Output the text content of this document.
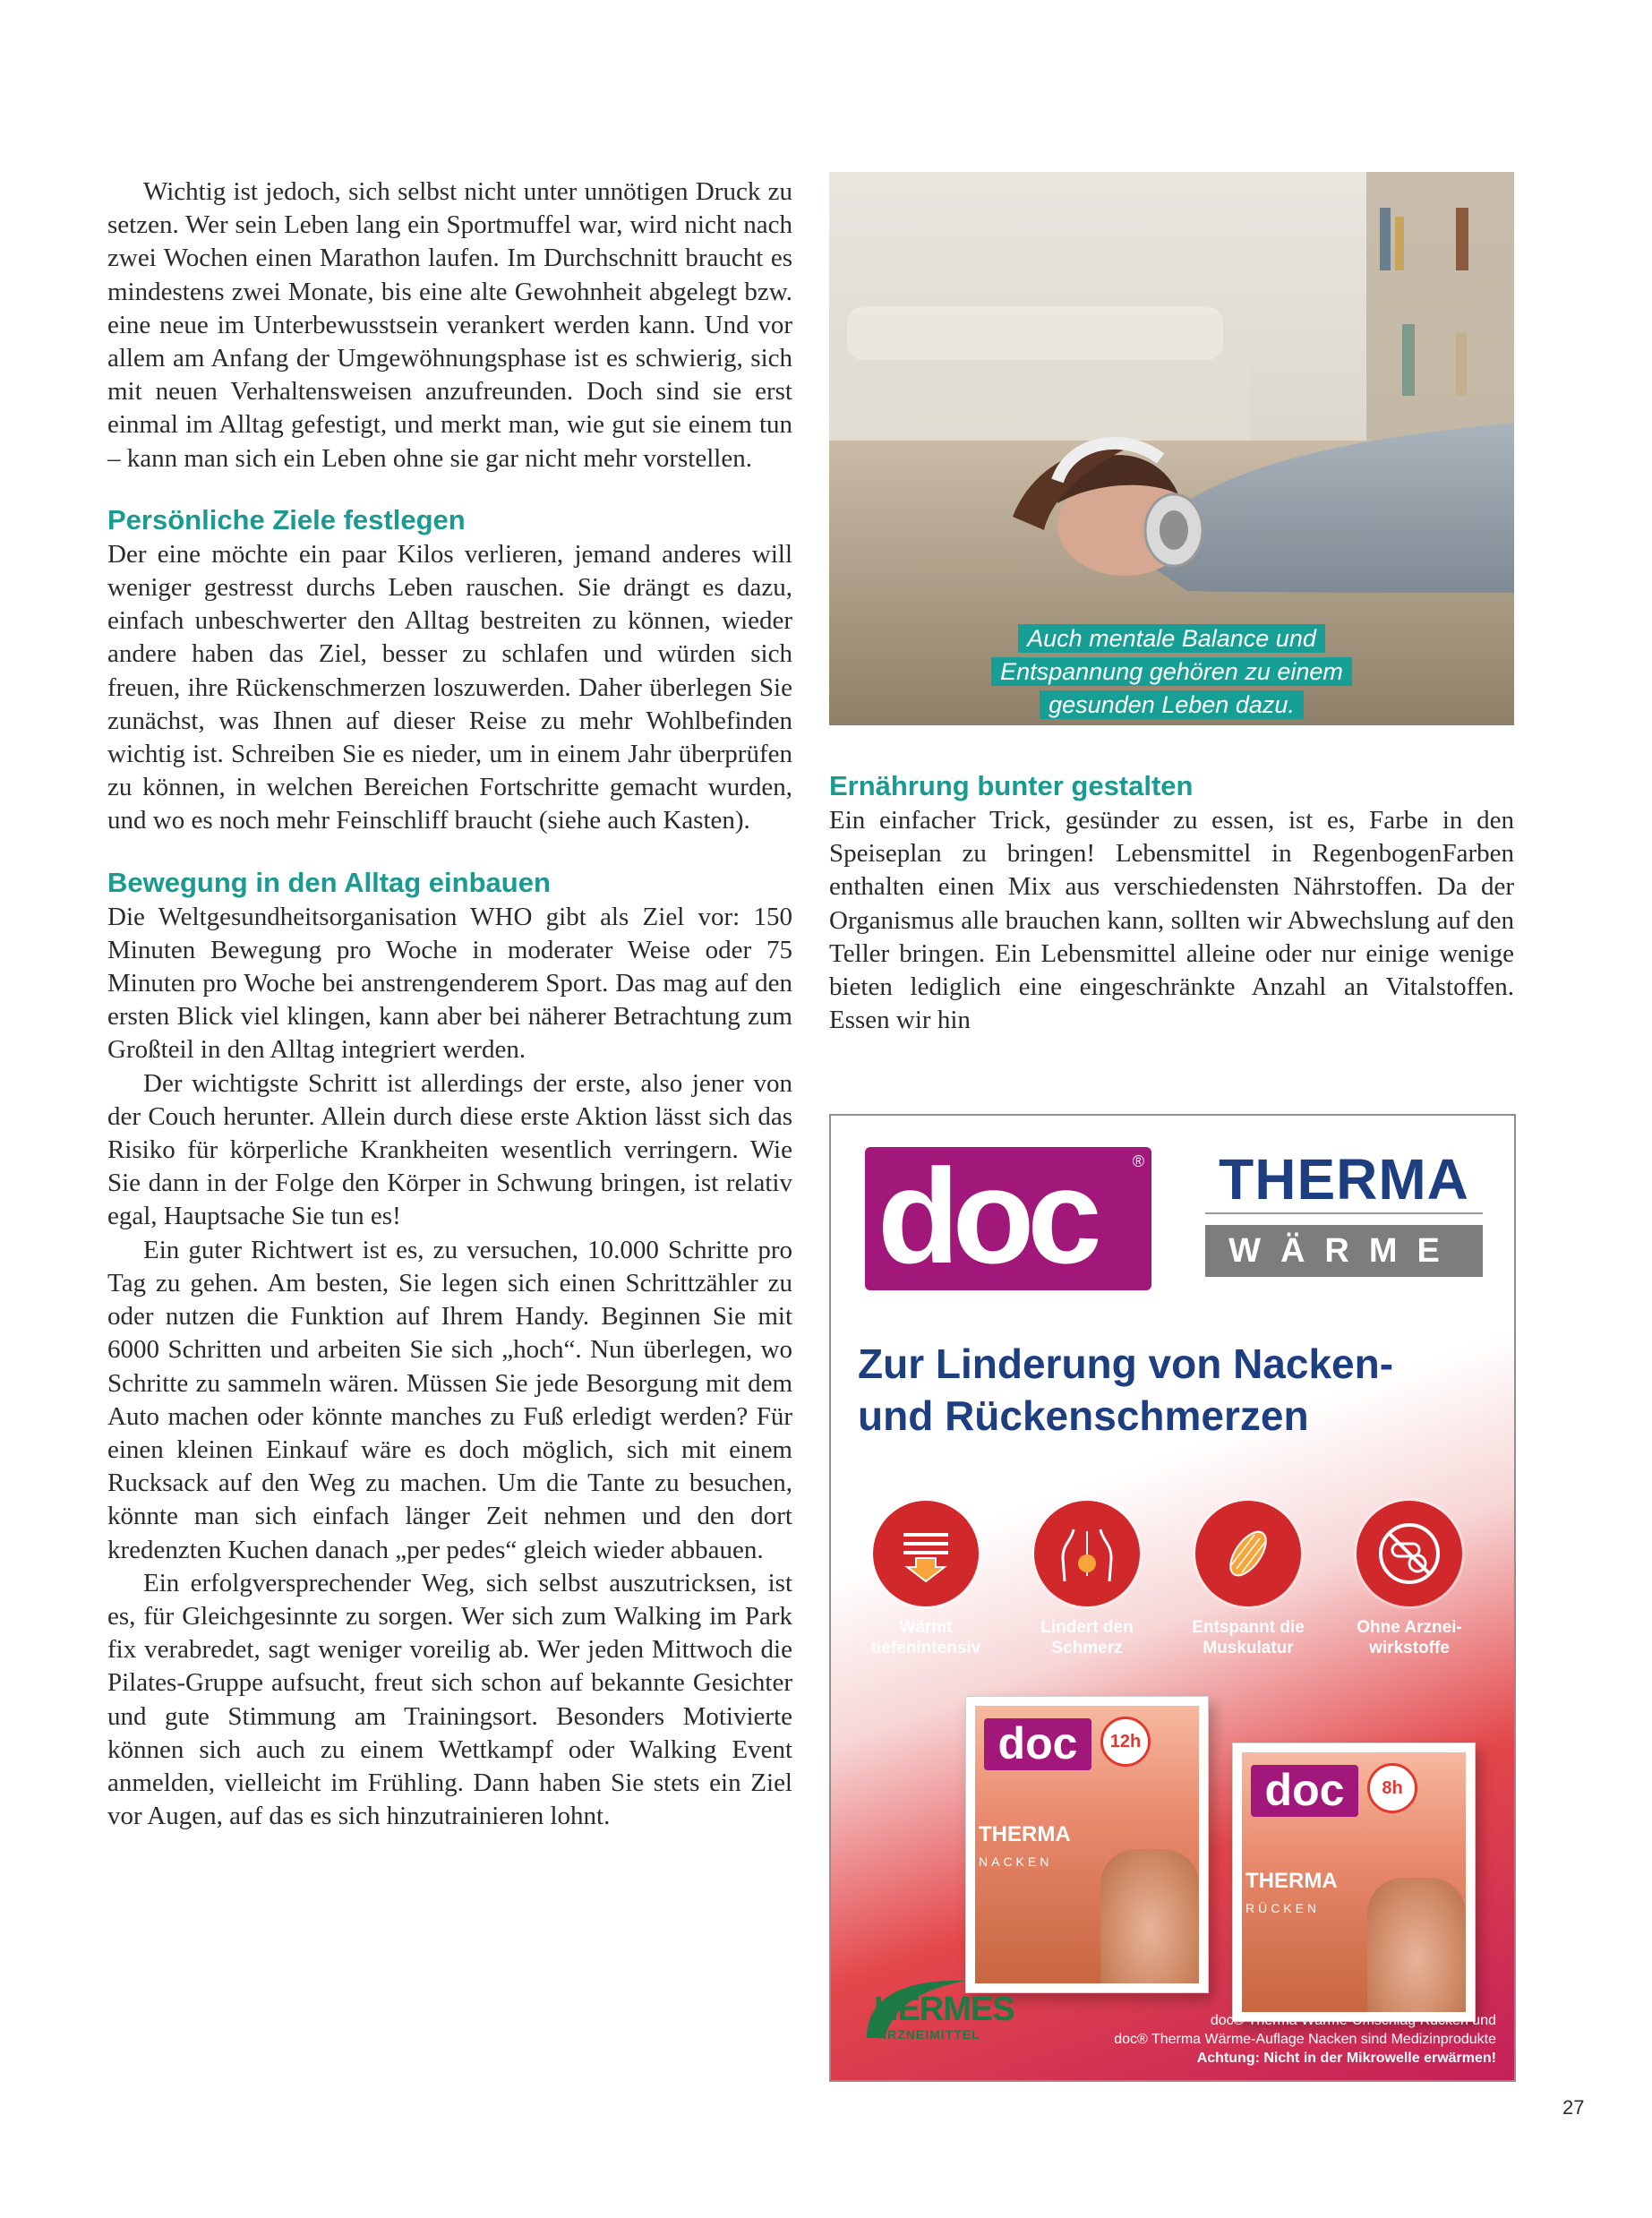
Wichtig ist jedoch, sich selbst nicht unter unnötigen Druck zu setzen. Wer sein Leben lang ein Sportmuffel war, wird nicht nach zwei Wochen einen Marathon laufen. Im Durchschnitt braucht es mindestens zwei Monate, bis eine alte Gewohnheit abgelegt bzw. eine neue im Unterbewusstsein verankert werden kann. Und vor allem am Anfang der Umgewöhnungsphase ist es schwierig, sich mit neuen Verhaltensweisen anzufreunden. Doch sind sie erst einmal im Alltag gefestigt, und merkt man, wie gut sie einem tun – kann man sich ein Leben ohne sie gar nicht mehr vorstellen.

Persönliche Ziele festlegen

Der eine möchte ein paar Kilos verlieren, jemand anderes will weniger gestresst durchs Leben rauschen. Sie drängt es dazu, einfach unbeschwerter den Alltag bestreiten zu können, wieder andere haben das Ziel, besser zu schlafen und würden sich freuen, ihre Rückenschmerzen loszuwerden. Daher überlegen Sie zunächst, was Ihnen auf dieser Reise zu mehr Wohlbefinden wichtig ist. Schreiben Sie es nieder, um in einem Jahr überprüfen zu können, in welchen Bereichen Fortschritte gemacht wurden, und wo es noch mehr Feinschliff braucht (siehe auch Kasten).

Bewegung in den Alltag einbauen

Die Weltgesundheitsorganisation WHO gibt als Ziel vor: 150 Minuten Bewegung pro Woche in moderater Weise oder 75 Minuten pro Woche bei anstrengenderem Sport. Das mag auf den ersten Blick viel klingen, kann aber bei näherer Betrachtung zum Großteil in den Alltag integriert werden.

Der wichtigste Schritt ist allerdings der erste, also jener von der Couch herunter. Allein durch diese erste Aktion lässt sich das Risiko für körperliche Krankheiten wesentlich verringern. Wie Sie dann in der Folge den Körper in Schwung bringen, ist relativ egal, Hauptsache Sie tun es!

Ein guter Richtwert ist es, zu versuchen, 10.000 Schritte pro Tag zu gehen. Am besten, Sie legen sich einen Schrittzähler zu oder nutzen die Funktion auf Ihrem Handy. Beginnen Sie mit 6000 Schritten und arbeiten Sie sich „hoch“. Nun überlegen, wo Schritte zu sammeln wären. Müssen Sie jede Besorgung mit dem Auto machen oder könnte manches zu Fuß erledigt werden? Für einen kleinen Einkauf wäre es doch möglich, sich mit einem Rucksack auf den Weg zu machen. Um die Tante zu besuchen, könnte man sich einfach länger Zeit nehmen und den dort kredenzten Kuchen danach „per pedes“ gleich wieder abbauen.

Ein erfolgversprechender Weg, sich selbst auszutricksen, ist es, für Gleichgesinnte zu sorgen. Wer sich zum Walking im Park fix verabredet, sagt weniger voreilig ab. Wer jeden Mittwoch die Pilates-Gruppe aufsucht, freut sich schon auf bekannte Gesichter und gute Stimmung am Trainingsort. Besonders Motivierte können sich auch zu einem Wettkampf oder Walking Event anmelden, vielleicht im Frühling. Dann haben Sie stets ein Ziel vor Augen, auf das es sich hinzutrainieren lohnt.

Auch mentale Balance und
Entspannung gehören zu einem
gesunden Leben dazu.
Ernährung bunter gestalten

Ein einfacher Trick, gesünder zu essen, ist es, Farbe in den Speiseplan zu bringen! Lebensmittel in RegenbogenFarben enthalten einen Mix aus verschiedensten Nährstoffen. Da der Organismus alle brauchen kann, sollten wir Abwechslung auf den Teller bringen. Ein Lebensmittel alleine oder nur einige wenige bieten lediglich eine eingeschränkte Anzahl an Vitalstoffen. Essen wir hin

doc ® THERMA
WÄRME
Zur Linderung von Nacken-
und Rückenschmerzen
Wärmt
tiefenintensiv
Lindert den
Schmerz
Entspannt die
Muskulatur
Ohne Arznei-
wirkstoffe
doc	12h
THERMA
NACKEN
doc	8h
THERMA
RÜCKEN
HERMES
ARZNEIMITTEL
doc® Therma Wärme-Umschlag Rücken und
doc® Therma Wärme-Auflage Nacken sind Medizinprodukte
Achtung: Nicht in der Mikrowelle erwärmen!
27
